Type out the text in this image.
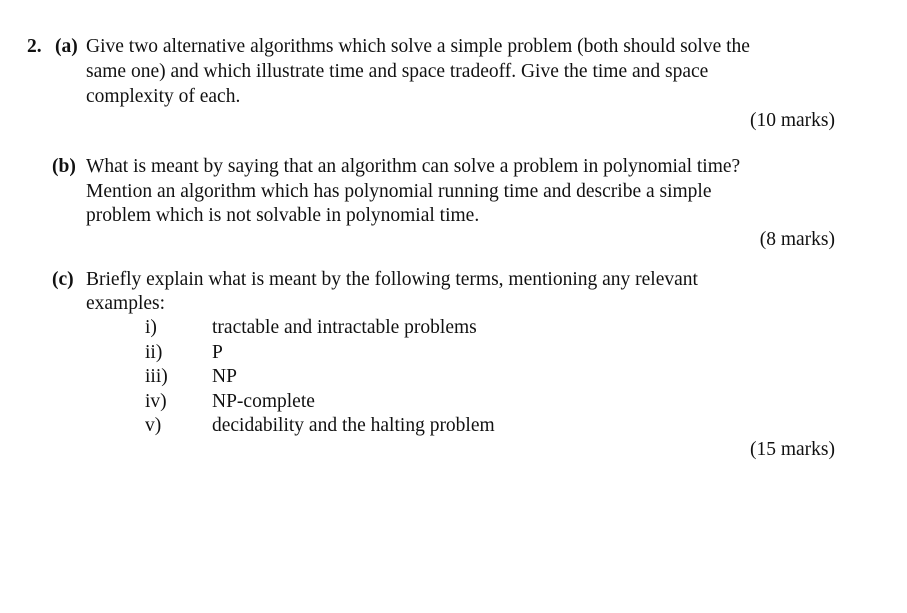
2. (a) Give two alternative algorithms which solve a simple problem (both should solve the
same one) and which illustrate time and space tradeoff. Give the time and space
complexity of each.
(10 marks)
(b) What is meant by saying that an algorithm can solve a problem in polynomial time?
Mention an algorithm which has polynomial running time and describe a simple
problem which is not solvable in polynomial time.
(8 marks)
(c) Briefly explain what is meant by the following terms, mentioning any relevant
examples:
i)	tractable and intractable problems
ii)	P
iii) NP
iv) NP-complete
v)	decidability and the halting problem
(15 marks)
